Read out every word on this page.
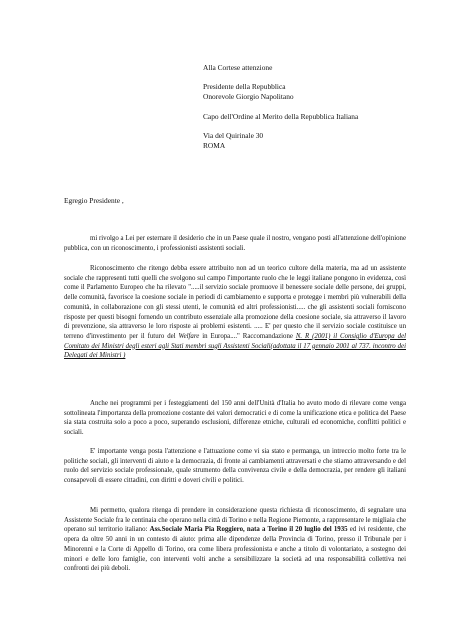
Alla Cortese attenzione
Presidente della Repubblica
Onorevole Giorgio Napolitano
Capo dell'Ordine al Merito della Repubblica Italiana
Via del Quirinale 30
ROMA
Egregio Presidente ,

mi rivolgo a Lei per esternare il desiderio che in un Paese quale il nostro, vengano posti all'attenzione dell'opinione pubblica, con un riconoscimento, i professionisti assistenti sociali.

Riconoscimento che ritengo debba essere attribuito non ad un teorico cultore della materia, ma ad un assistente sociale che rappresenti tutti quelli che svolgono sul campo l'importante ruolo che le leggi italiane pongono in evidenza, così come il Parlamento Europeo che ha rilevato ".....il servizio sociale promuove il benessere sociale delle persone, dei gruppi, delle comunità, favorisce la coesione sociale in periodi di cambiamento e supporta e protegge i membri più vulnerabili della comunità, in collaborazione con gli stessi utenti, le comunità ed altri professionisti..... che gli assistenti sociali forniscono risposte per questi bisogni fornendo un contributo essenziale alla promozione della coesione sociale, sia attraverso il lavoro di prevenzione, sia attraverso le loro risposte ai problemi esistenti. ..... E' per questo che il servizio sociale costituisce un terreno d'investimento per il futuro del Welfare in Europa...." Raccomandazione N. R (2001) il Consiglio d'Europa del Comitato dei Ministri degli esteri agli Stati membri sugli Assistenti Sociali(adottata il 17 gennaio 2001 al 737. incontro dei Delegati dei Ministri )

Anche nei programmi per i festeggiamenti del 150 anni dell'Unità d'Italia ho avuto modo di rilevare come venga sottolineata l'importanza della promozione costante dei valori democratici e di come la unificazione etica e politica del Paese sia stata costruita solo a poco a poco, superando esclusioni, differenze etniche, culturali ed economiche, conflitti politici e sociali.

E' importante venga posta l'attenzione e l'attuazione come vi sia stato e permanga, un intreccio molto forte tra le politiche sociali, gli interventi di aiuto e la democrazia, di fronte ai cambiamenti attraversati e che stiamo attraversando e del ruolo del servizio sociale professionale, quale strumento della convivenza civile e della democrazia, per rendere gli italiani consapevoli di essere cittadini, con diritti e doveri civili e politici.

Mi permetto, qualora ritenga di prendere in considerazione questa richiesta di riconoscimento, di segnalare una Assistente Sociale fra le centinaia che operano nella città di Torino e nella Regione Piemonte, a rappresentare le migliaia che operano sul territorio italiano: Ass.Sociale Maria Pia Roggiero, nata a Torino il 20 luglio del 1935 ed ivi residente, che opera da oltre 50 anni in un contesto di aiuto: prima alle dipendenze della Provincia di Torino, presso il Tribunale per i Minorenni e la Corte di Appello di Torino, ora come libera professionista e anche a titolo di volontariato, a sostegno dei minori e delle loro famiglie, con interventi volti anche a sensibilizzare la società ad una responsabilità collettiva nei confronti dei più deboli.
